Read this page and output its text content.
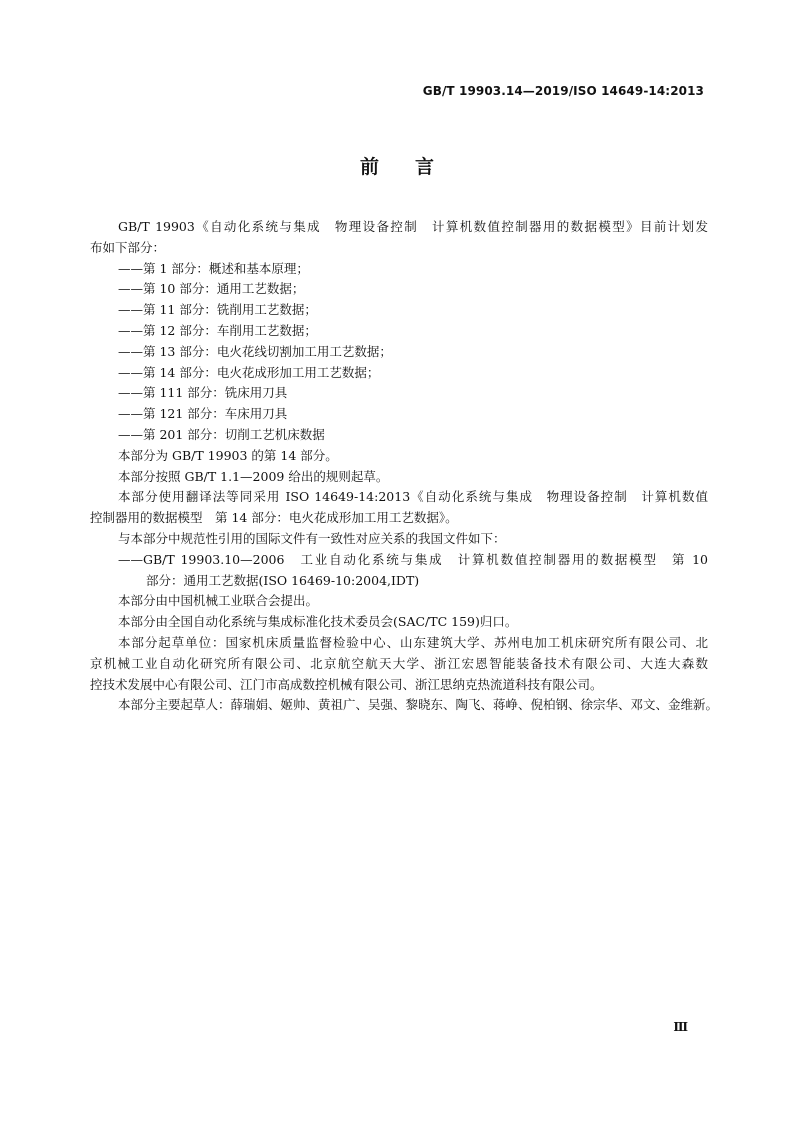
GB/T 19903.14—2019/ISO 14649-14:2013
前言
GB/T 19903《自动化系统与集成　物理设备控制　计算机数值控制器用的数据模型》目前计划发
布如下部分：
——第 1 部分：概述和基本原理；
——第 10 部分：通用工艺数据；
——第 11 部分：铣削用工艺数据；
——第 12 部分：车削用工艺数据；
——第 13 部分：电火花线切割加工用工艺数据；
——第 14 部分：电火花成形加工用工艺数据；
——第 111 部分：铣床用刀具
——第 121 部分：车床用刀具
——第 201 部分：切削工艺机床数据
本部分为 GB/T 19903 的第 14 部分。
本部分按照 GB/T 1.1—2009 给出的规则起草。
本部分使用翻译法等同采用 ISO 14649-14:2013《自动化系统与集成　物理设备控制　计算机数值
控制器用的数据模型　第 14 部分：电火花成形加工用工艺数据》。
与本部分中规范性引用的国际文件有一致性对应关系的我国文件如下：
——GB/T 19903.10—2006　工业自动化系统与集成　计算机数值控制器用的数据模型　第 10
部分：通用工艺数据(ISO 16469-10:2004,IDT)
本部分由中国机械工业联合会提出。
本部分由全国自动化系统与集成标准化技术委员会(SAC/TC 159)归口。
本部分起草单位：国家机床质量监督检验中心、山东建筑大学、苏州电加工机床研究所有限公司、北
京机械工业自动化研究所有限公司、北京航空航天大学、浙江宏恩智能装备技术有限公司、大连大森数
控技术发展中心有限公司、江门市高成数控机械有限公司、浙江思纳克热流道科技有限公司。
本部分主要起草人：薛瑞娟、姬帅、黄祖广、吴强、黎晓东、陶飞、蒋峥、倪柏钢、徐宗华、邓文、金维新。
Ⅲ
